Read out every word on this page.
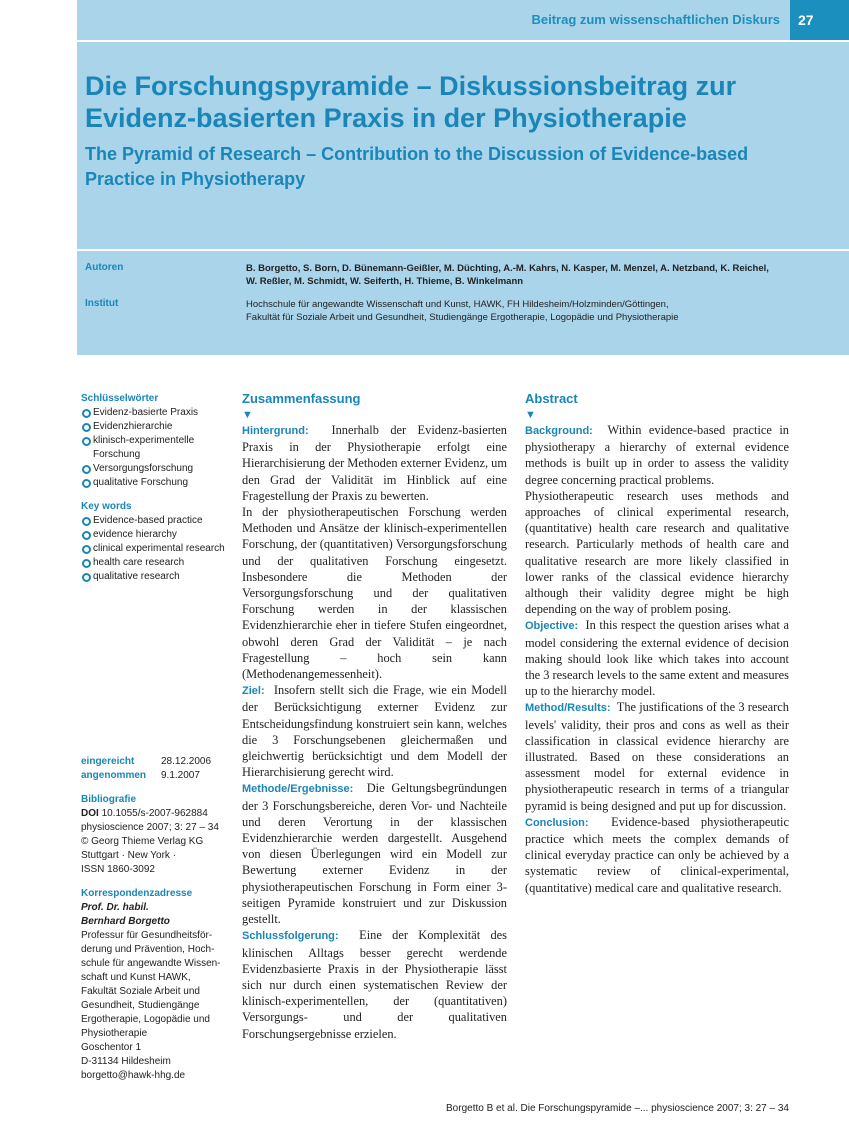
Beitrag zum wissenschaftlichen Diskurs	27
Die Forschungspyramide – Diskussionsbeitrag zur Evidenz-basierten Praxis in der Physiotherapie
The Pyramid of Research – Contribution to the Discussion of Evidence-based Practice in Physiotherapy
Autoren	B. Borgetto, S. Born, D. Bünemann-Geißler, M. Düchting, A.-M. Kahrs, N. Kasper, M. Menzel, A. Netzband, K. Reichel,
W. Reßler, M. Schmidt, W. Seiferth, H. Thieme, B. Winkelmann
Institut	Hochschule für angewandte Wissenschaft und Kunst, HAWK, FH Hildesheim/Holzminden/Göttingen,
Fakultät für Soziale Arbeit und Gesundheit, Studiengänge Ergotherapie, Logopädie und Physiotherapie

Schlüsselwörter

Evidenz-basierte Praxis
Evidenzhierarchie
klinisch-experimentelle Forschung
Versorgungsforschung
qualitative Forschung

Key words

Evidence-based practice
evidence hierarchy
clinical experimental research
health care research
qualitative research
eingereicht	28.12.2006
angenommen	9.1.2007

Bibliografie

DOI 10.1055/s-2007-962884
physioscience 2007; 3: 27 – 34
© Georg Thieme Verlag KG
Stuttgart · New York ·
ISSN 1860-3092

Korrespondenzadresse

Prof. Dr. habil.
Bernhard Borgetto
Professur für Gesundheitsför-
derung und Prävention, Hoch-
schule für angewandte Wissen-
schaft und Kunst HAWK,
Fakultät Soziale Arbeit und
Gesundheit, Studiengänge
Ergotherapie, Logopädie und
Physiotherapie
Goschentor 1
D-31134 Hildesheim
borgetto@hawk-hhg.de
Zusammenfassung
▼

Hintergrund: Innerhalb der Evidenz-basierten Praxis in der Physiotherapie erfolgt eine Hierarchisierung der Methoden externer Evidenz, um den Grad der Validität im Hinblick auf eine Fragestellung der Praxis zu bewerten.

In der physiotherapeutischen Forschung werden Methoden und Ansätze der klinisch-experimentellen Forschung, der (quantitativen) Versorgungsforschung und der qualitativen Forschung eingesetzt. Insbesondere die Methoden der Versorgungsforschung und der qualitativen Forschung werden in der klassischen Evidenzhierarchie eher in tiefere Stufen eingeordnet, obwohl deren Grad der Validität – je nach Fragestellung – hoch sein kann (Methodenangemessenheit).

Ziel: Insofern stellt sich die Frage, wie ein Modell der Berücksichtigung externer Evidenz zur Entscheidungsfindung konstruiert sein kann, welches die 3 Forschungsebenen gleichermaßen und gleichwertig berücksichtigt und dem Modell der Hierarchisierung gerecht wird.

Methode/Ergebnisse: Die Geltungsbegründungen der 3 Forschungsbereiche, deren Vor- und Nachteile und deren Verortung in der klassischen Evidenzhierarchie werden dargestellt. Ausgehend von diesen Überlegungen wird ein Modell zur Bewertung externer Evidenz in der physiotherapeutischen Forschung in Form einer 3-seitigen Pyramide konstruiert und zur Diskussion gestellt.

Schlussfolgerung: Eine der Komplexität des klinischen Alltags besser gerecht werdende Evidenzbasierte Praxis in der Physiotherapie lässt sich nur durch einen systematischen Review der klinisch-experimentellen, der (quantitativen) Versorgungs- und der qualitativen Forschungsergebnisse erzielen.

Abstract
▼

Background: Within evidence-based practice in physiotherapy a hierarchy of external evidence methods is built up in order to assess the validity degree concerning practical problems.

Physiotherapeutic research uses methods and approaches of clinical experimental research, (quantitative) health care research and qualitative research. Particularly methods of health care and qualitative research are more likely classified in lower ranks of the classical evidence hierarchy although their validity degree might be high depending on the way of problem posing.

Objective: In this respect the question arises what a model considering the external evidence of decision making should look like which takes into account the 3 research levels to the same extent and measures up to the hierarchy model.

Method/Results: The justifications of the 3 research levels' validity, their pros and cons as well as their classification in classical evidence hierarchy are illustrated. Based on these considerations an assessment model for external evidence in physiotherapeutic research in terms of a triangular pyramid is being designed and put up for discussion.

Conclusion: Evidence-based physiotherapeutic practice which meets the complex demands of clinical everyday practice can only be achieved by a systematic review of clinical-experimental, (quantitative) medical care and qualitative research.

Borgetto B et al. Die Forschungspyramide –... physioscience 2007; 3: 27 – 34
